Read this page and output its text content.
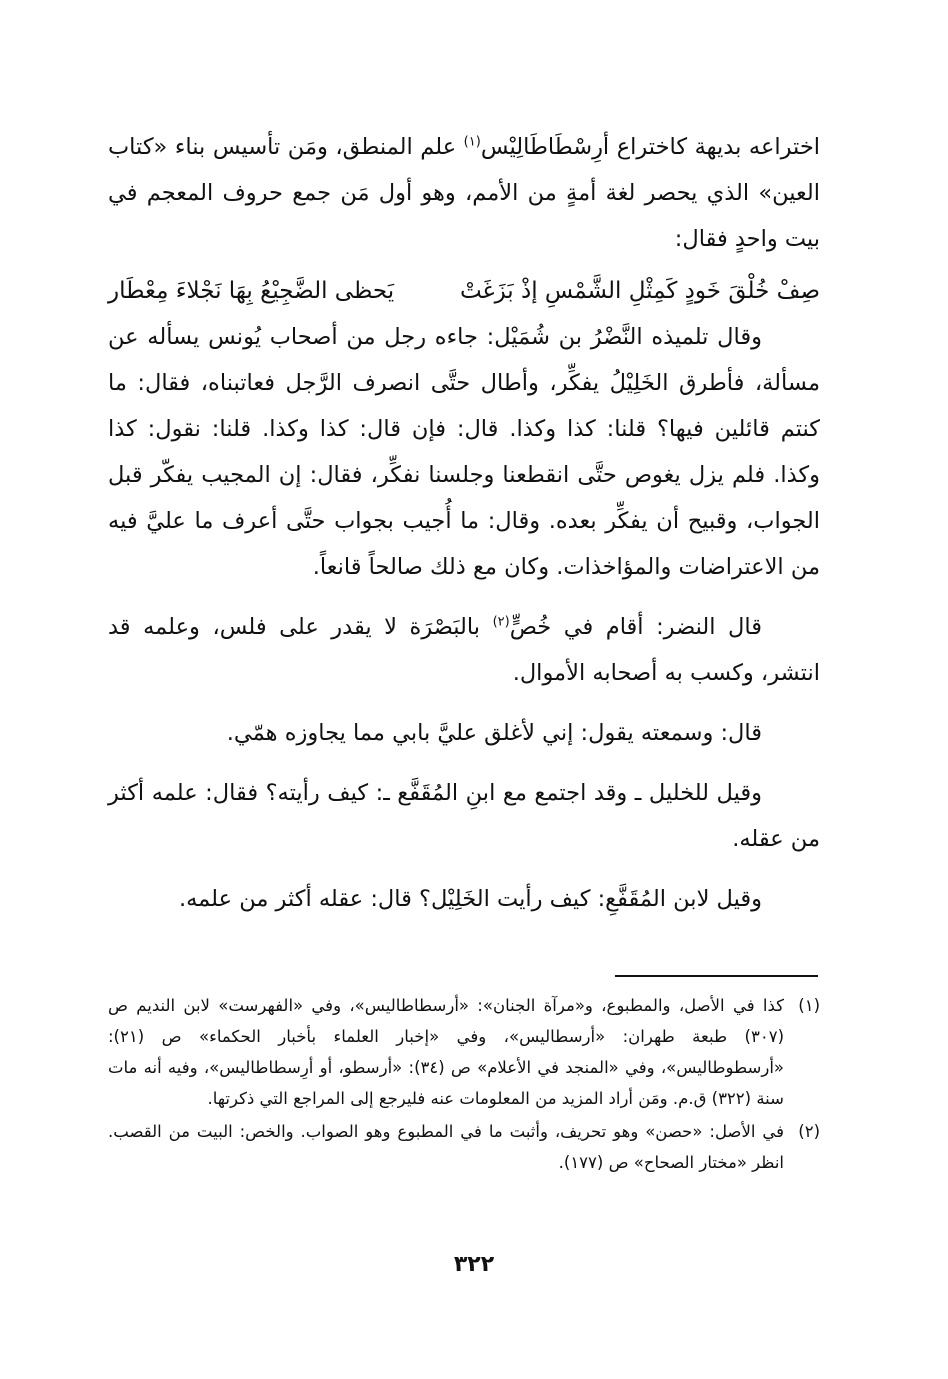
اختراعه بديهة كاختراع أرِسْطَاطَالِيْس$^{(١)}$ علم المنطق، ومَن تأسيس بناء «كتاب العين» الذي يحصر لغة أمةٍ من الأمم، وهو أول مَن جمع حروف المعجم في بيت واحدٍ فقال:

صِفْ خُلْقَ خَودٍ كَمِثْلِ الشَّمْسِ إذْ بَزَغَتْ
يَحظى الضَّجِيْعُ بِهَا نَجْلاءَ مِعْطَار

وقال تلميذه النَّضْرُ بن شُمَيْل: جاءه رجل من أصحاب يُونس يسأله عن مسألة، فأطرق الخَلِيْلُ يفكِّر، وأطال حتَّى انصرف الرَّجل فعاتبناه، فقال: ما كنتم قائلين فيها؟ قلنا: كذا وكذا. قال: فإن قال: كذا وكذا. قلنا: نقول: كذا وكذا. فلم يزل يغوص حتَّى انقطعنا وجلسنا نفكِّر، فقال: إن المجيب يفكّر قبل الجواب، وقبيح أن يفكِّر بعده. وقال: ما أُجيب بجواب حتَّى أعرف ما عليَّ فيه من الاعتراضات والمؤاخذات. وكان مع ذلك صالحاً قانعاً.

قال النضر: أقام في خُصٍّ$^{(٢)}$ بالبَصْرَة لا يقدر على فلس، وعلمه قد انتشر، وكسب به أصحابه الأموال.

قال: وسمعته يقول: إني لأغلق عليَّ بابي مما يجاوزه همّي.

وقيل للخليل ـ وقد اجتمع مع ابنِ المُقَفَّع ـ: كيف رأيته؟ فقال: علمه أكثر من عقله.

وقيل لابن المُقَفَّعِ: كيف رأيت الخَلِيْل؟ قال: عقله أكثر من علمه.

(١)
كذا في الأصل، والمطبوع، و«مرآة الجنان»: «أرسطاطاليس»، وفي «الفهرست» لابن النديم ص (٣٠٧) طبعة طهران: «أرسطاليس»، وفي «إخبار العلماء بأخبار الحكماء» ص (٢١): «أرسطوطاليس»، وفي «المنجد في الأعلام» ص (٣٤): «أرسطو، أو أرِسطاطاليس»، وفيه أنه مات سنة (٣٢٢) ق.م. ومَن أراد المزيد من المعلومات عنه فليرجع إلى المراجع التي ذكرتها.

(٢)
في الأصل: «حصن» وهو تحريف، وأثبت ما في المطبوع وهو الصواب. والخص: البيت من القصب. انظر «مختار الصحاح» ص (١٧٧).

٣٢٢
